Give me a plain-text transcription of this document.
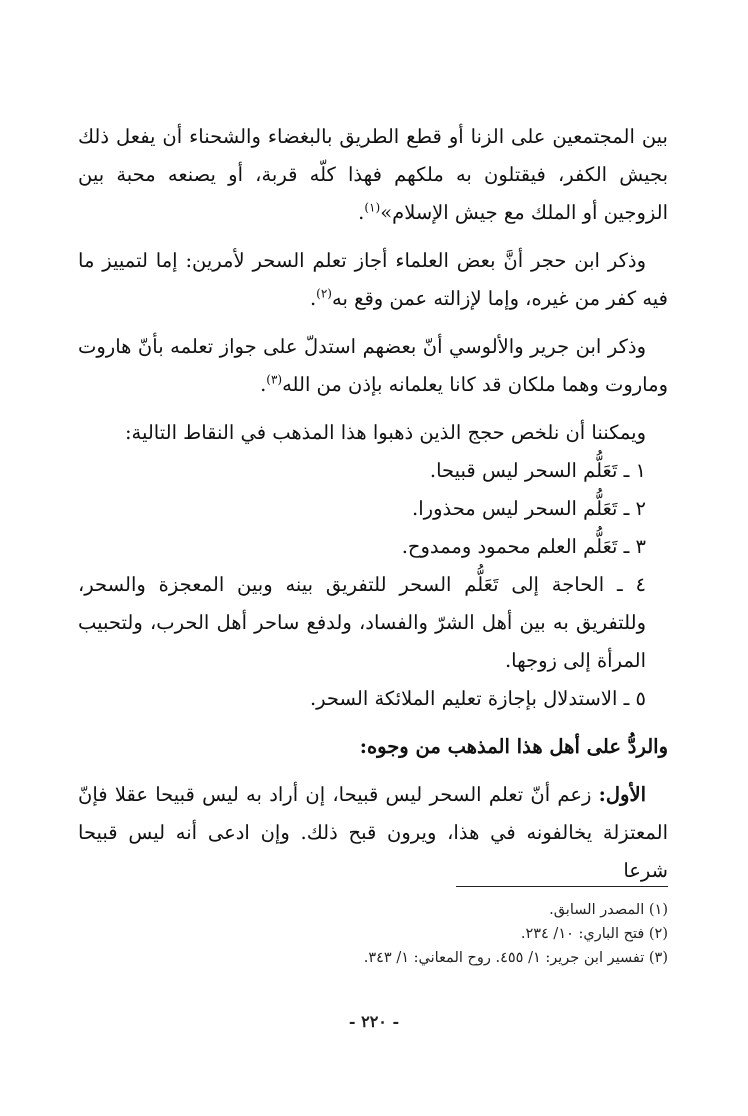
بين المجتمعين على الزنا أو قطع الطريق بالبغضاء والشحناء أن يفعل ذلك بجيش الكفر، فيقتلون به ملكهم فهذا كلّه قربة، أو يصنعه محبة بين الزوجين أو الملك مع جيش الإسلام»$^{(١)}$.

وذكر ابن حجر أنَّ بعض العلماء أجاز تعلم السحر لأمرين: إما لتمييز ما فيه كفر من غيره، وإما لإزالته عمن وقع به$^{(٢)}$.

وذكر ابن جرير والألوسي أنّ بعضهم استدلّ على جواز تعلمه بأنّ هاروت وماروت وهما ملكان قد كانا يعلمانه بإذن من الله$^{(٣)}$.

ويمكننا أن نلخص حجج الذين ذهبوا هذا المذهب في النقاط التالية:

١ ـ تَعَلُّم السحر ليس قبيحا.

٢ ـ تَعَلُّم السحر ليس محذورا.

٣ ـ تَعَلُّم العلم محمود وممدوح.

٤ ـ الحاجة إلى تَعَلُّم السحر للتفريق بينه وبين المعجزة والسحر، وللتفريق به بين أهل الشرّ والفساد، ولدفع ساحر أهل الحرب، ولتحبيب المرأة إلى زوجها.

٥ ـ الاستدلال بإجازة تعليم الملائكة السحر.

والردُّ على أهل هذا المذهب من وجوه:

الأول: زعم أنّ تعلم السحر ليس قبيحا، إن أراد به ليس قبيحا عقلا فإنّ المعتزلة يخالفونه في هذا، ويرون قبح ذلك. وإن ادعى أنه ليس قبيحا شرعا

(١) المصدر السابق.

(٢) فتح الباري: ١٠/ ٢٣٤.

(٣) تفسير ابن جرير: ١/ ٤٥٥. روح المعاني: ١/ ٣٤٣.

- ٢٢٠ -
